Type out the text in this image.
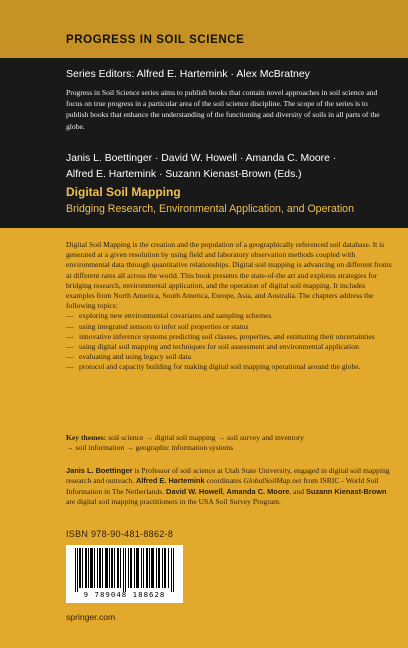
PROGRESS IN SOIL SCIENCE
Series Editors: Alfred E. Hartemink · Alex McBratney
Progress in Soil Science series aims to publish books that contain novel approaches in soil science and focus on true progress in a particular area of the soil science discipline. The scope of the series is to publish books that enhance the understanding of the functioning and diversity of soils in all parts of the globe.
Janis L. Boettinger · David W. Howell · Amanda C. Moore ·
Alfred E. Hartemink · Suzann Kienast-Brown (Eds.)
Digital Soil Mapping
Bridging Research, Environmental Application, and Operation

Digital Soil Mapping is the creation and the population of a geographically referenced soil database. It is generated at a given resolution by using field and laboratory observation methods coupled with environmental data through quantitative relationships. Digital soil mapping is advancing on different fronts at different rates all across the world. This book presents the state-of-the art and explores strategies for bridging research, environmental application, and the operation of digital soil mapping. It includes examples from North America, South America, Europe, Asia, and Australia. The chapters address the following topics:

— exploring new environmental covariates and sampling schemes
— using integrated sensors to infer soil properties or status
— innovative inference systems predicting soil classes, properties, and estimating their uncertainties
— using digital soil mapping and techniques for soil assessment and environmental application
— evaluating and using legacy soil data
— protocol and capacity building for making digital soil mapping operational around the globe.
Key themes: soil science → digital soil mapping → soil survey and inventory
→ soil information → geographic information systems
Janis L. Boettinger is Professor of soil science at Utah State University, engaged in digital soil mapping research and outreach. Alfred E. Hartemink coordinates GlobalSoilMap.net from ISRIC - World Soil Information in The Netherlands. David W. Howell, Amanda C. Moore, and Suzann Kienast-Brown are digital soil mapping practitioners in the USA Soil Survey Program.
ISBN 978-90-481-8862-8
9 789048 188628
springer.com
